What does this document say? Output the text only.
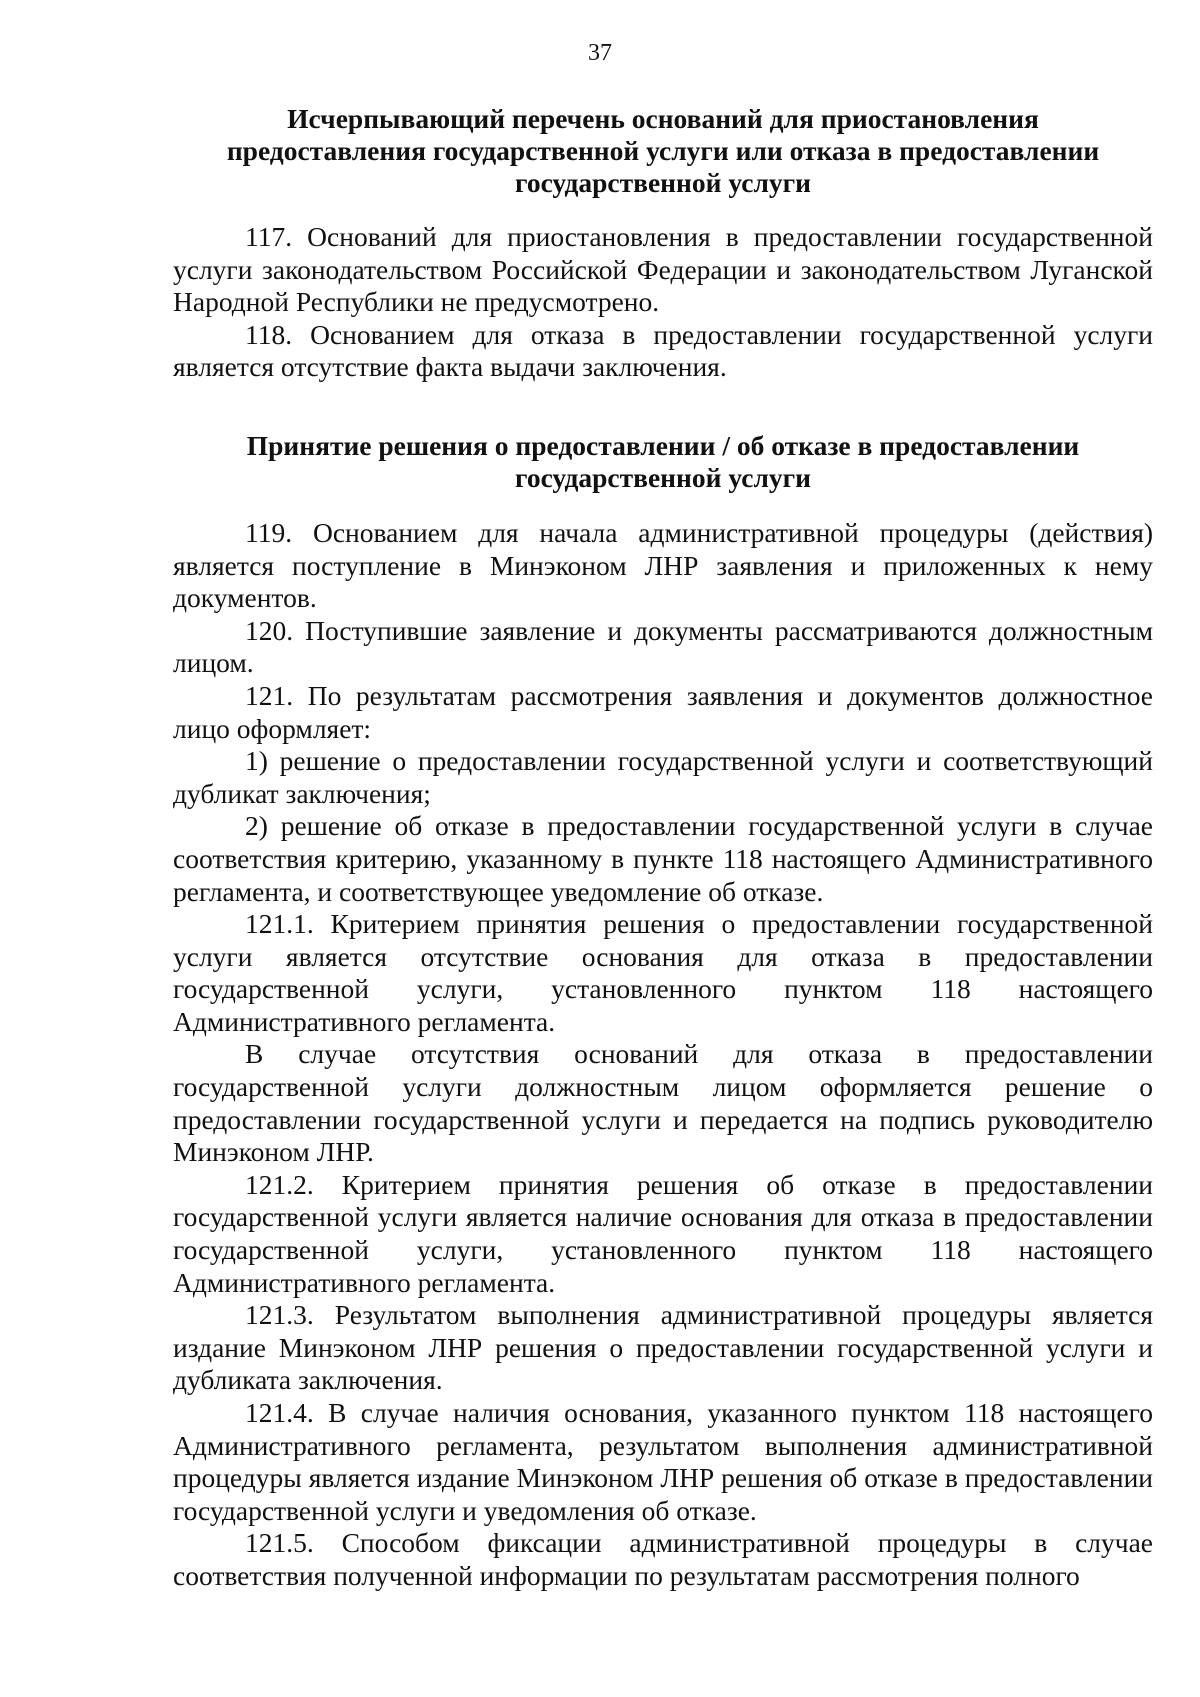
37
Исчерпывающий перечень оснований для приостановления
предоставления государственной услуги или отказа в предоставлении
государственной услуги

117. Оснований для приостановления в предоставлении государственной услуги законодательством Российской Федерации и законодательством Луганской Народной Республики не предусмотрено.

118. Основанием для отказа в предоставлении государственной услуги является отсутствие факта выдачи заключения.

Принятие решения о предоставлении / об отказе в предоставлении
государственной услуги

119. Основанием для начала административной процедуры (действия) является поступление в Минэконом ЛНР заявления и приложенных к нему документов.

120. Поступившие заявление и документы рассматриваются должностным лицом.

121. По результатам рассмотрения заявления и документов должностное лицо оформляет:

1) решение о предоставлении государственной услуги и соответствующий дубликат заключения;

2) решение об отказе в предоставлении государственной услуги в случае соответствия критерию, указанному в пункте 118 настоящего Административного регламента, и соответствующее уведомление об отказе.

121.1. Критерием принятия решения о предоставлении государственной услуги является отсутствие основания для отказа в предоставлении государственной услуги, установленного пунктом 118 настоящего Административного регламента.

В случае отсутствия оснований для отказа в предоставлении государственной услуги должностным лицом оформляется решение о предоставлении государственной услуги и передается на подпись руководителю Минэконом ЛНР.

121.2. Критерием принятия решения об отказе в предоставлении государственной услуги является наличие основания для отказа в предоставлении государственной услуги, установленного пунктом 118 настоящего Административного регламента.

121.3. Результатом выполнения административной процедуры является издание Минэконом ЛНР решения о предоставлении государственной услуги и дубликата заключения.

121.4. В случае наличия основания, указанного пунктом 118 настоящего Административного регламента, результатом выполнения административной процедуры является издание Минэконом ЛНР решения об отказе в предоставлении государственной услуги и уведомления об отказе.

121.5. Способом фиксации административной процедуры в случае соответствия полученной информации по результатам рассмотрения полного
